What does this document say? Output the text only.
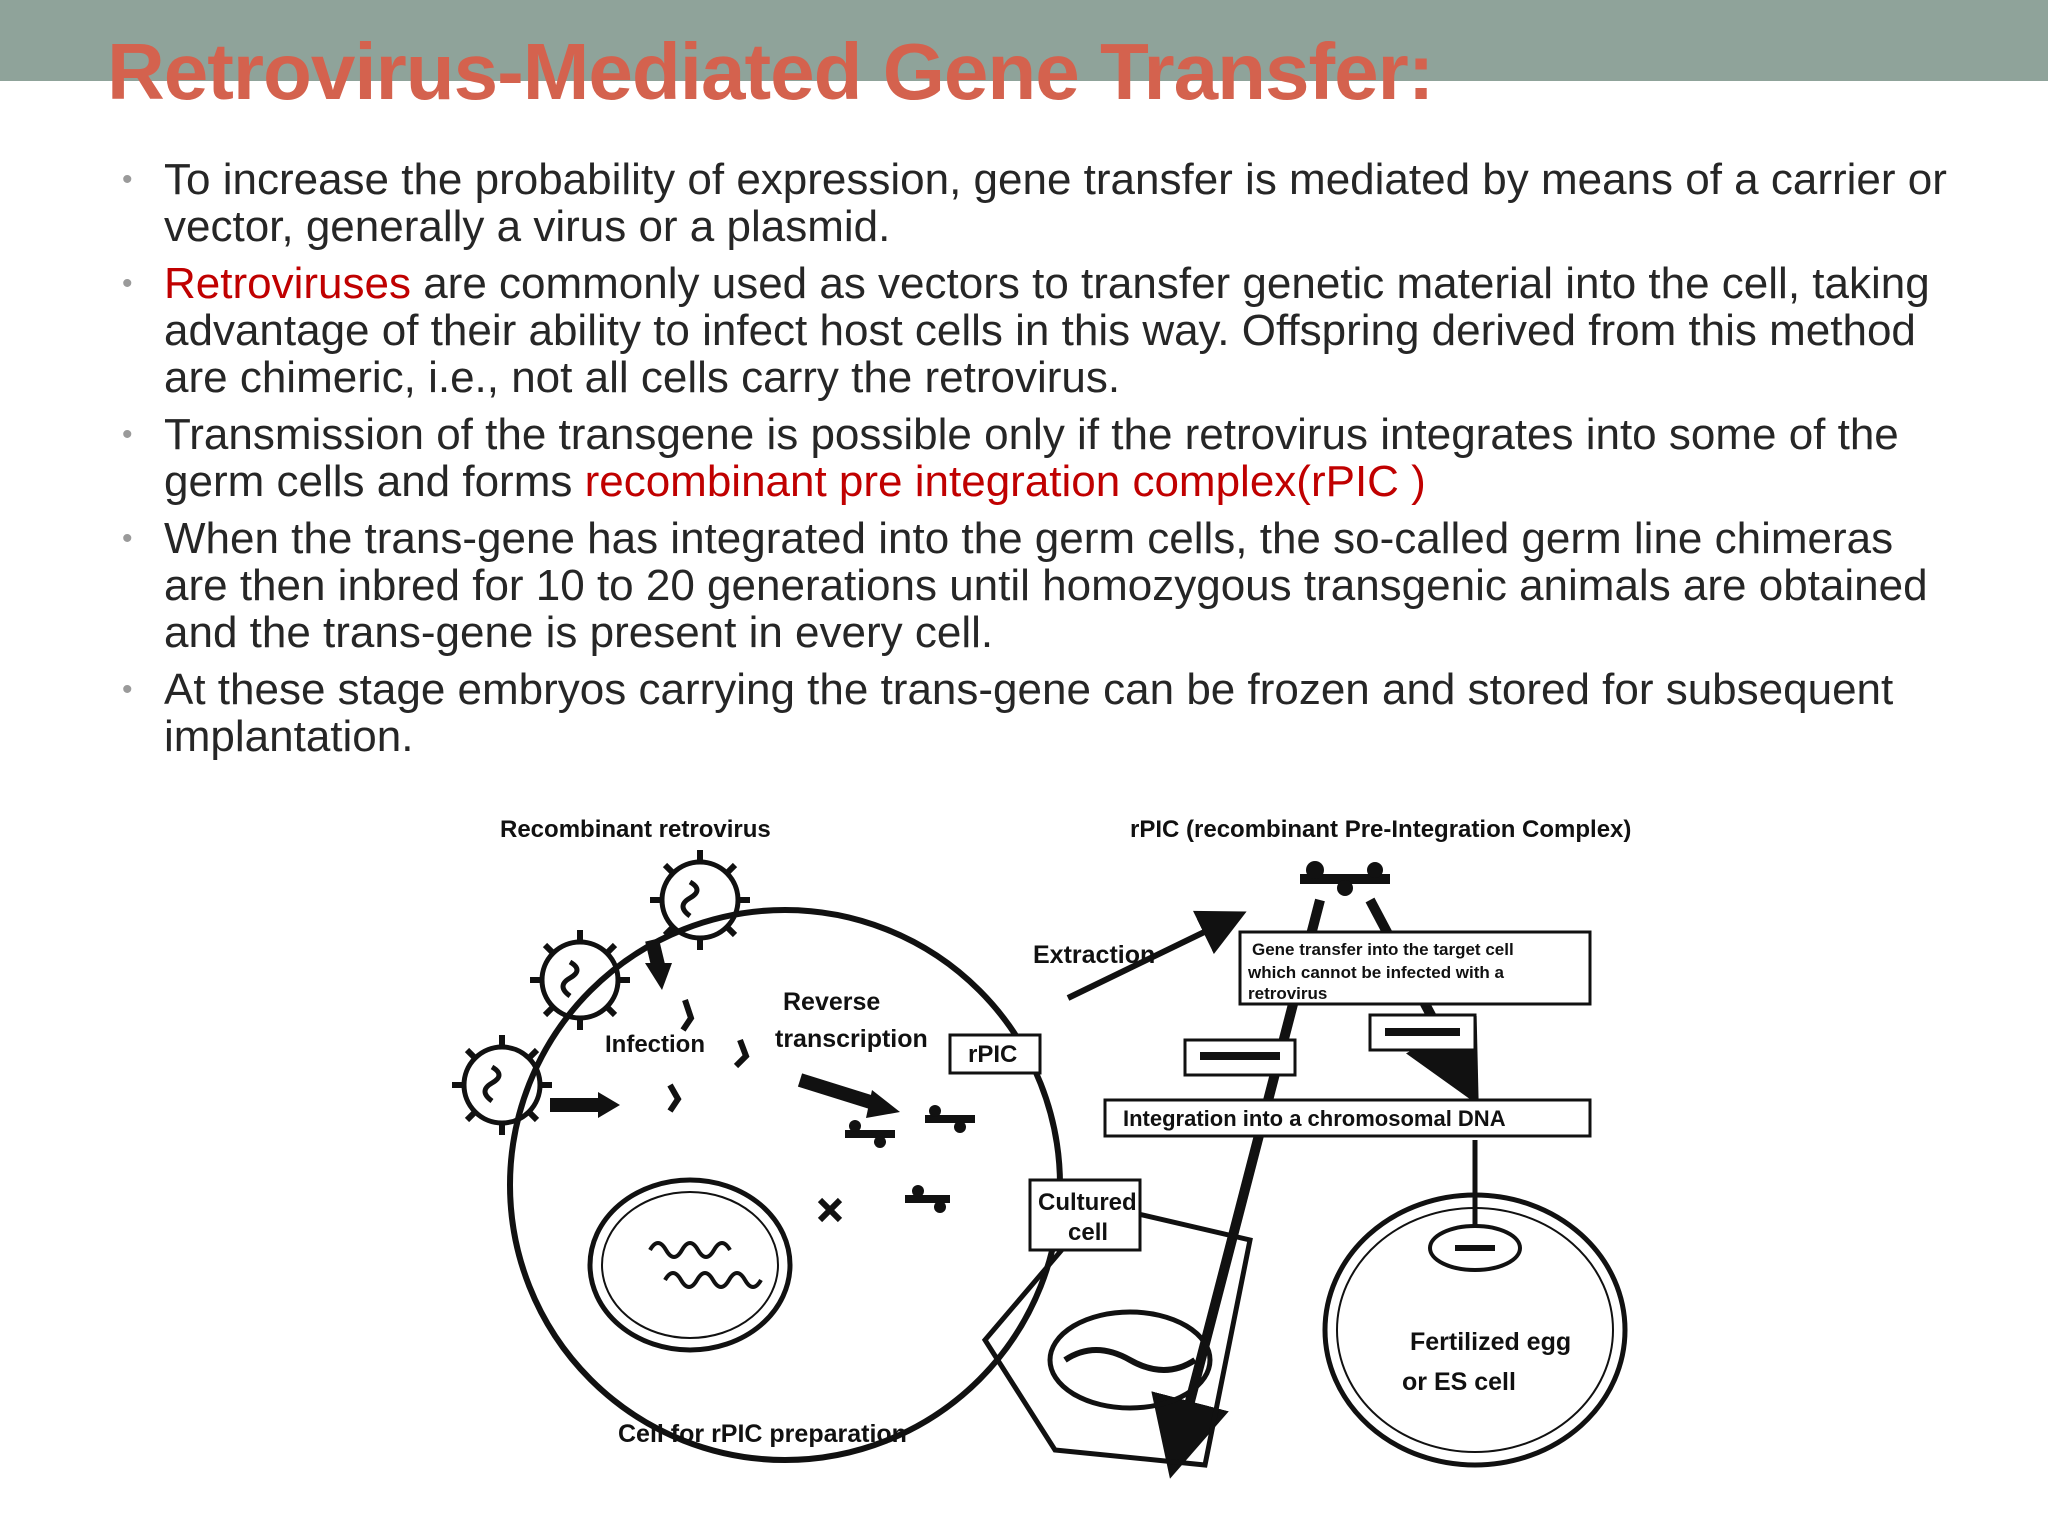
Retrovirus-Mediated Gene Transfer:
• To increase the probability of expression, gene transfer is mediated by means of a carrier or vector, generally a virus or a plasmid.
• Retroviruses are commonly used as vectors to transfer genetic material into the cell, taking advantage of their ability to infect host cells in this way. Offspring derived from this method are chimeric, i.e., not all cells carry the retrovirus.
• Transmission of the transgene is possible only if the retrovirus integrates into some of the germ cells and forms recombinant pre integration complex(rPIC )
• When the trans-gene has integrated into the germ cells, the so-called germ line chimeras are then inbred for 10 to 20 generations until homozygous transgenic animals are obtained and the trans-gene is present in every cell.
• At these stage embryos carrying the trans-gene can be frozen and stored for subsequent implantation.
Recombinant retrovirus	rPIC (recombinant Pre-Integration Complex)
Extraction	Gene transfer into the target cell
which cannot be infected with a
retrovirus
Reverse
transcription
Infection	rPIC
Integration into a chromosomal DNA
Cultured
cell
Fertilized egg
or ES cell
Cell for rPIC preparation
